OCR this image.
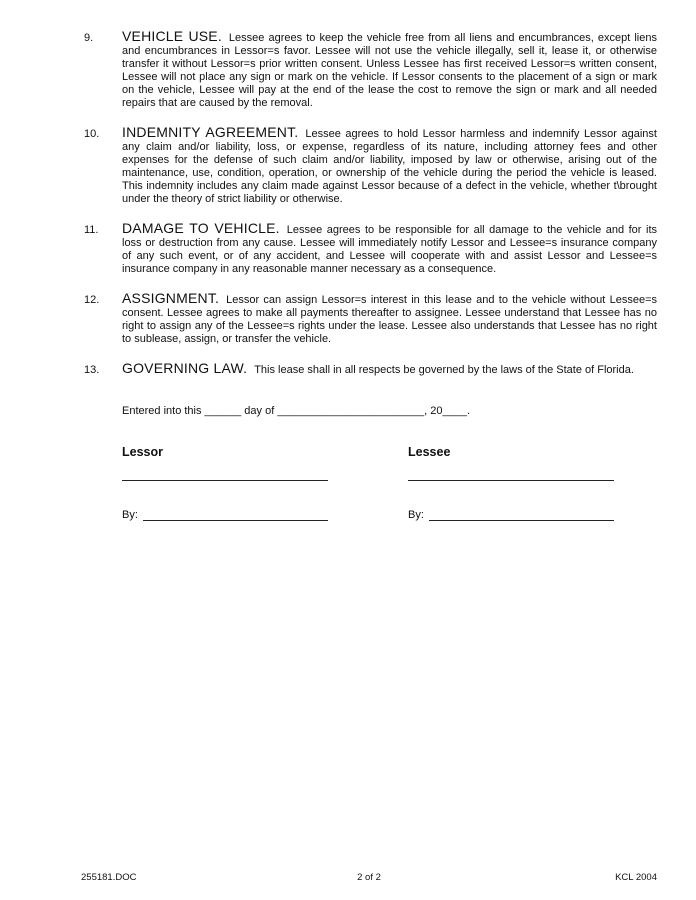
9.	VEHICLE USE. Lessee agrees to keep the vehicle free from all liens and encumbrances, except liens and encumbrances in Lessor=s favor. Lessee will not use the vehicle illegally, sell it, lease it, or otherwise transfer it without Lessor=s prior written consent. Unless Lessee has first received Lessor=s written consent, Lessee will not place any sign or mark on the vehicle. If Lessor consents to the placement of a sign or mark on the vehicle, Lessee will pay at the end of the lease the cost to remove the sign or mark and all needed repairs that are caused by the removal.

10.	INDEMNITY AGREEMENT. Lessee agrees to hold Lessor harmless and indemnify Lessor against any claim and/or liability, loss, or expense, regardless of its nature, including attorney fees and other expenses for the defense of such claim and/or liability, imposed by law or otherwise, arising out of the maintenance, use, condition, operation, or ownership of the vehicle during the period the vehicle is leased. This indemnity includes any claim made against Lessor because of a defect in the vehicle, whether t\brought under the theory of strict liability or otherwise.

11.	DAMAGE TO VEHICLE. Lessee agrees to be responsible for all damage to the vehicle and for its loss or destruction from any cause. Lessee will immediately notify Lessor and Lessee=s insurance company of any such event, or of any accident, and Lessee will cooperate with and assist Lessor and Lessee=s insurance company in any reasonable manner necessary as a consequence.

12.	ASSIGNMENT. Lessor can assign Lessor=s interest in this lease and to the vehicle without Lessee=s consent. Lessee agrees to make all payments thereafter to assignee. Lessee understand that Lessee has no right to assign any of the Lessee=s rights under the lease. Lessee also understands that Lessee has no right to sublease, assign, or transfer the vehicle.

13.	GOVERNING LAW. This lease shall in all respects be governed by the laws of the State of Florida.

Entered into this ______ day of ________________________, 20____.

Lessor
By:
Lessee
By:
255181.DOC	2 of 2	KCL 2004
